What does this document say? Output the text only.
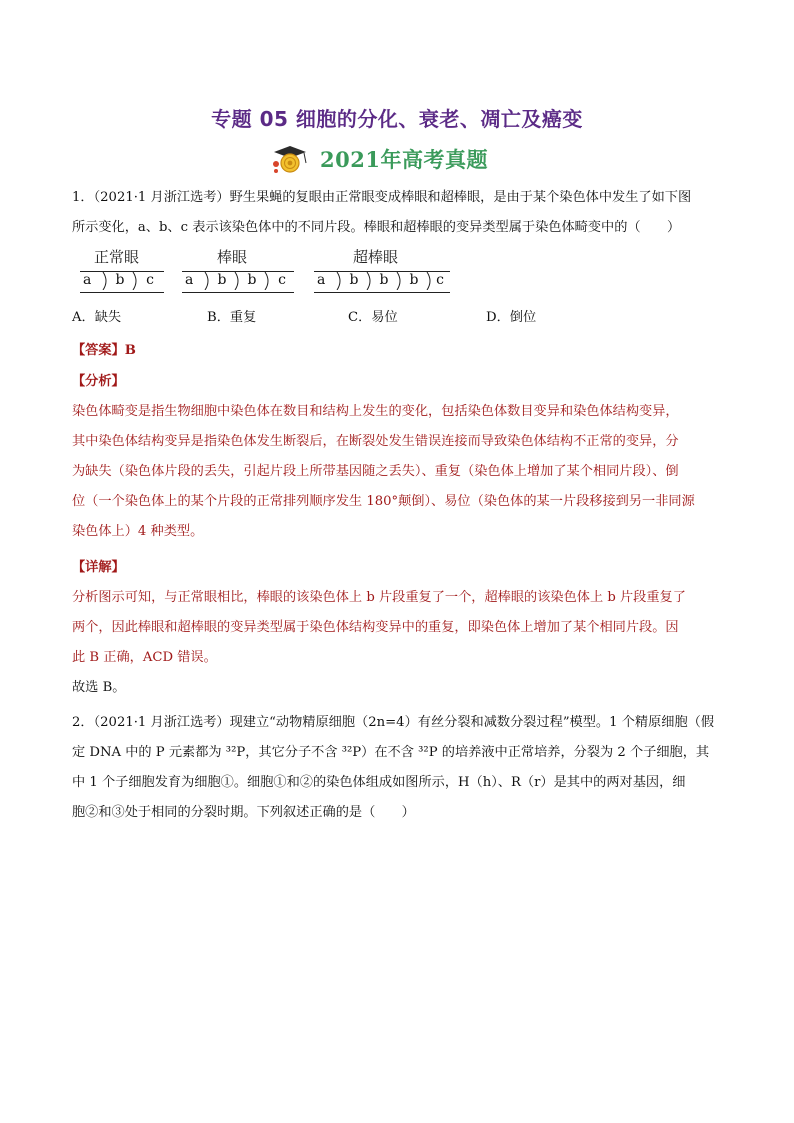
专题 05 细胞的分化、衰老、凋亡及癌变
2021年高考真题
1．（2021·1 月浙江选考）野生果蝇的复眼由正常眼变成棒眼和超棒眼，是由于某个染色体中发生了如下图
所示变化，a、b、c 表示该染色体中的不同片段。棒眼和超棒眼的变异类型属于染色体畸变中的（　　）
正常眼	棒眼	超棒眼
a	b	c	a	b	b	c	a	b	b	b	c
A．缺失	B．重复	C．易位	D．倒位
【答案】B
【分析】
染色体畸变是指生物细胞中染色体在数目和结构上发生的变化，包括染色体数目变异和染色体结构变异，
其中染色体结构变异是指染色体发生断裂后，在断裂处发生错误连接而导致染色体结构不正常的变异，分
为缺失（染色体片段的丢失，引起片段上所带基因随之丢失）、重复（染色体上增加了某个相同片段）、倒
位（一个染色体上的某个片段的正常排列顺序发生 180°颠倒）、易位（染色体的某一片段移接到另一非同源
染色体上）4 种类型。
【详解】
分析图示可知，与正常眼相比，棒眼的该染色体上 b 片段重复了一个，超棒眼的该染色体上 b 片段重复了
两个，因此棒眼和超棒眼的变异类型属于染色体结构变异中的重复，即染色体上增加了某个相同片段。因
此 B 正确，ACD 错误。
故选 B。
2．（2021·1 月浙江选考）现建立“动物精原细胞（2n=4）有丝分裂和减数分裂过程”模型。1 个精原细胞（假
定 DNA 中的 P 元素都为 ³²P，其它分子不含 ³²P）在不含 ³²P 的培养液中正常培养，分裂为 2 个子细胞，其
中 1 个子细胞发育为细胞①。细胞①和②的染色体组成如图所示，H（h）、R（r）是其中的两对基因，细
胞②和③处于相同的分裂时期。下列叙述正确的是（　　）
